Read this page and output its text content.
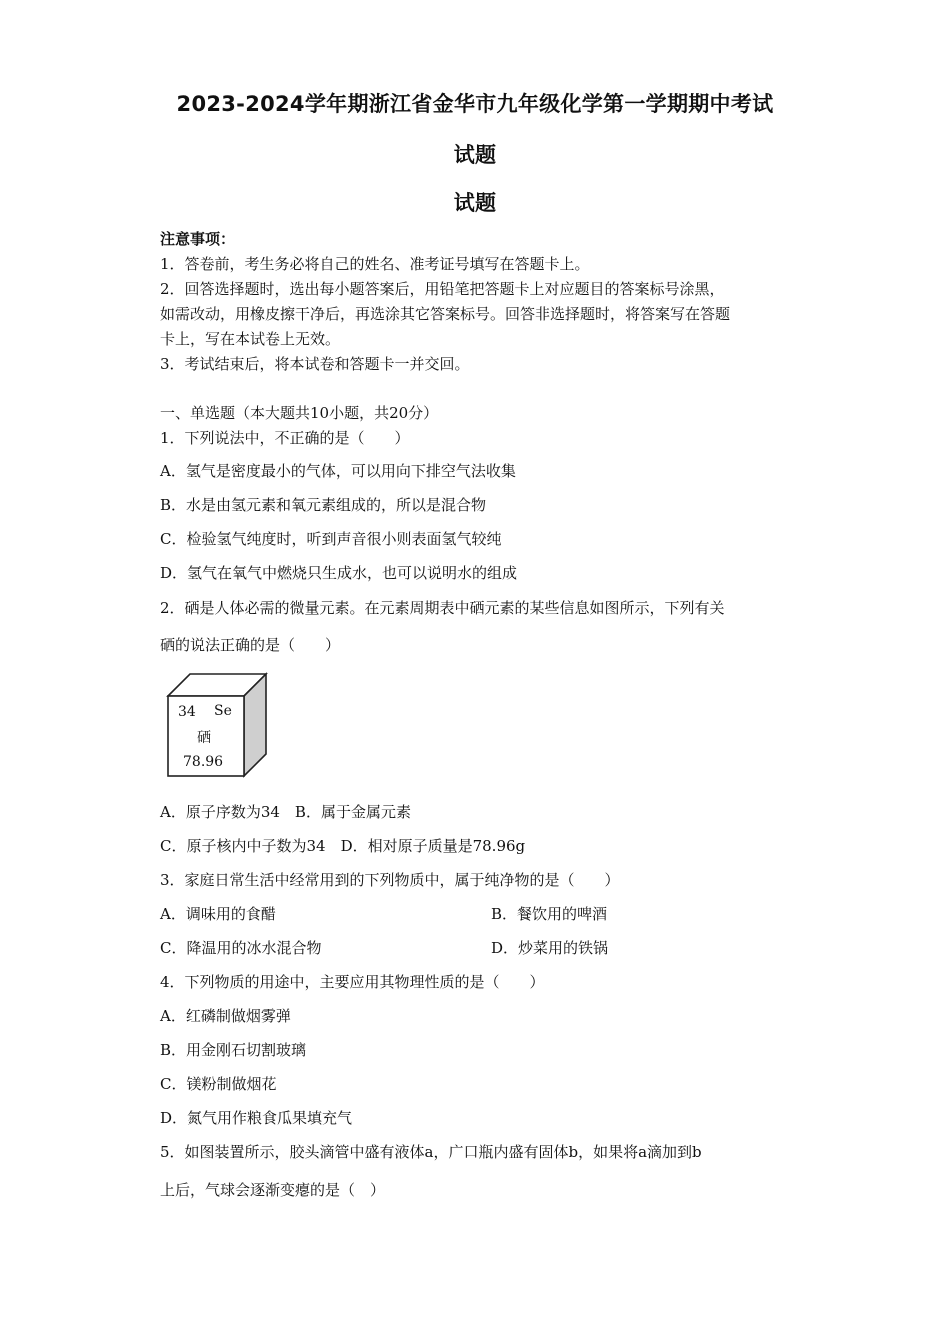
2023-2024学年期浙江省金华市九年级化学第一学期期中考试
试题
试题
注意事项：
1．答卷前，考生务必将自己的姓名、准考证号填写在答题卡上。
2．回答选择题时，选出每小题答案后，用铅笔把答题卡上对应题目的答案标号涂黑，
如需改动，用橡皮擦干净后，再选涂其它答案标号。回答非选择题时，将答案写在答题
卡上，写在本试卷上无效。
3．考试结束后，将本试卷和答题卡一并交回。
一、单选题（本大题共10小题，共20分）
1．下列说法中，不正确的是（　　）
A．氢气是密度最小的气体，可以用向下排空气法收集
B．水是由氢元素和氧元素组成的，所以是混合物
C．检验氢气纯度时，听到声音很小则表面氢气较纯
D．氢气在氧气中燃烧只生成水，也可以说明水的组成
2．硒是人体必需的微量元素。在元素周期表中硒元素的某些信息如图所示，下列有关
硒的说法正确的是（　　）
34 Se
硒
78.96
A．原子序数为34　B．属于金属元素
C．原子核内中子数为34　D．相对原子质量是78.96g
3．家庭日常生活中经常用到的下列物质中，属于纯净物的是（　　）
A．调味用的食醋	B．餐饮用的啤酒
C．降温用的冰水混合物	D．炒菜用的铁锅
4．下列物质的用途中，主要应用其物理性质的是（　　）
A．红磷制做烟雾弹
B．用金刚石切割玻璃
C．镁粉制做烟花
D．氮气用作粮食瓜果填充气
5．如图装置所示，胶头滴管中盛有液体a，广口瓶内盛有固体b，如果将a滴加到b
上后，气球会逐渐变瘪的是（　）
